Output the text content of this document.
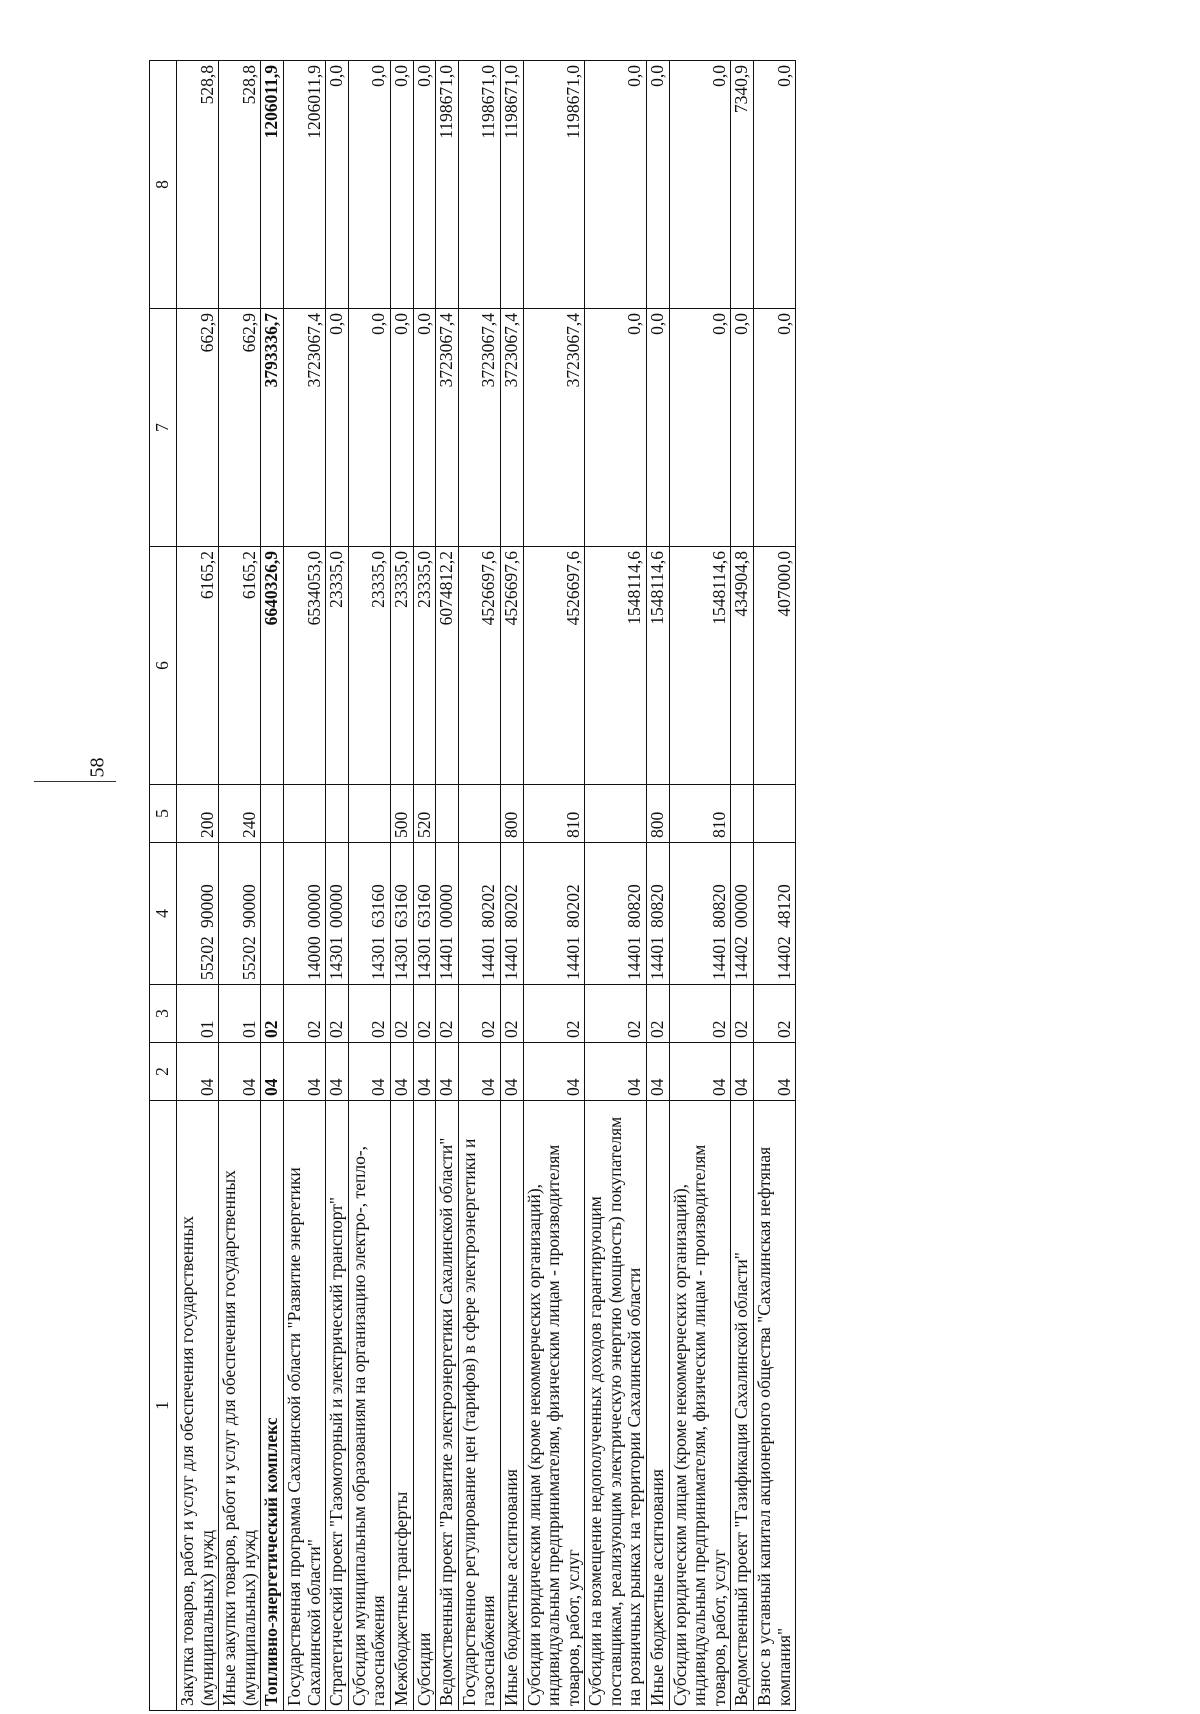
58
1	2	3	4	5	6	7	8
Закупка товаров, работ и услуг для обеспечения государственных (муниципальных) нужд	04	01	5520290000	200	6165,2	662,9	528,8
Иные закупки товаров, работ и услуг для обеспечения государственных (муниципальных) нужд	04	01	5520290000	240	6165,2	662,9	528,8
Топливно-энергетический комплекс	04	02			6640326,9	3793336,7	1206011,9
Государственная программа Сахалинской области "Развитие энергетики Сахалинской области"	04	02	1400000000		6534053,0	3723067,4	1206011,9
Стратегический проект "Газомоторный и электрический транспорт"	04	02	1430100000		23335,0	0,0	0,0
Субсидия муниципальным образованиям на организацию электро-, тепло-, газоснабжения	04	02	1430163160		23335,0	0,0	0,0
Межбюджетные трансферты	04	02	1430163160	500	23335,0	0,0	0,0
Субсидии	04	02	1430163160	520	23335,0	0,0	0,0
Ведомственный проект "Развитие электроэнергетики Сахалинской области"	04	02	1440100000		6074812,2	3723067,4	1198671,0
Государственное регулирование цен (тарифов) в сфере электроэнергетики и газоснабжения	04	02	1440180202		4526697,6	3723067,4	1198671,0
Иные бюджетные ассигнования	04	02	1440180202	800	4526697,6	3723067,4	1198671,0
Субсидии юридическим лицам (кроме некоммерческих организаций), индивидуальным предпринимателям, физическим лицам - производителям товаров, работ, услуг	04	02	1440180202	810	4526697,6	3723067,4	1198671,0
Субсидии на возмещение недополученных доходов гарантирующим поставщикам, реализующим электрическую энергию (мощность) покупателям на розничных рынках на территории Сахалинской области	04	02	1440180820		1548114,6	0,0	0,0
Иные бюджетные ассигнования	04	02	1440180820	800	1548114,6	0,0	0,0
Субсидии юридическим лицам (кроме некоммерческих организаций), индивидуальным предпринимателям, физическим лицам - производителям товаров, работ, услуг	04	02	1440180820	810	1548114,6	0,0	0,0
Ведомственный проект "Газификация Сахалинской области"	04	02	1440200000		434904,8	0,0	7340,9
Взнос в уставный капитал акционерного общества "Сахалинская нефтяная компания"	04	02	1440248120		407000,0	0,0	0,0
